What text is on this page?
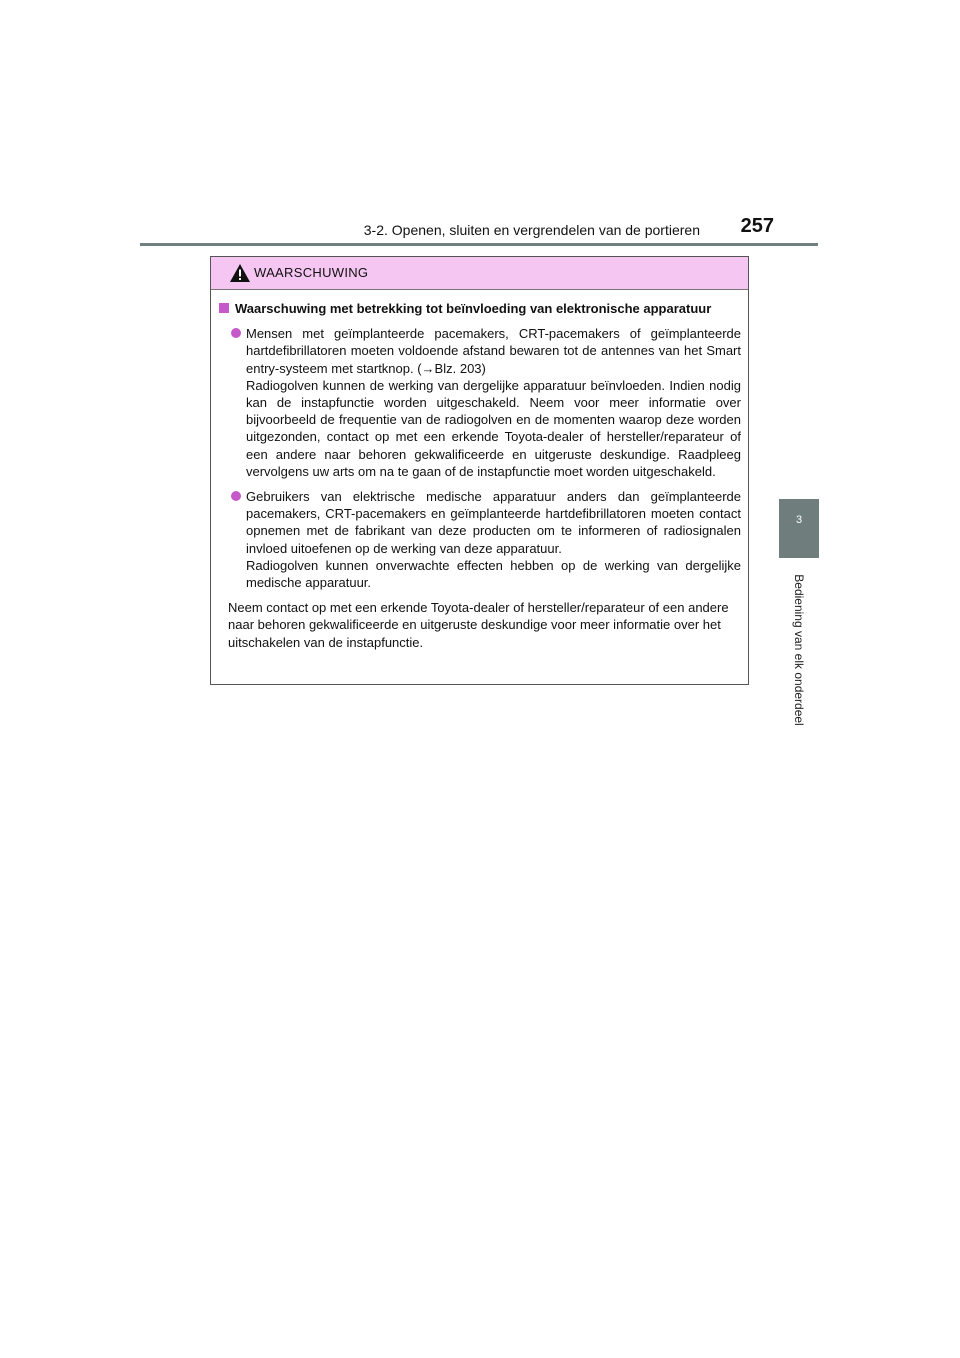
3-2. Openen, sluiten en vergrendelen van de portieren	257
3
Bediening van elk onderdeel
WAARSCHUWING
Waarschuwing met betrekking tot beïnvloeding van elektronische apparatuur

Mensen met geïmplanteerde pacemakers, CRT-pacemakers of geïmplanteerde hartdefibrillatoren moeten voldoende afstand bewaren tot de antennes van het Smart entry-systeem met startknop. (→Blz. 203)

Radiogolven kunnen de werking van dergelijke apparatuur beïnvloeden. Indien nodig kan de instapfunctie worden uitgeschakeld. Neem voor meer informatie over bijvoorbeeld de frequentie van de radiogolven en de momenten waarop deze worden uitgezonden, contact op met een erkende Toyota-dealer of hersteller/reparateur of een andere naar behoren gekwalificeerde en uitgeruste deskundige. Raadpleeg vervolgens uw arts om na te gaan of de instapfunctie moet worden uitgeschakeld.

Gebruikers van elektrische medische apparatuur anders dan geïmplanteerde pacemakers, CRT-pacemakers en geïmplanteerde hartdefibrillatoren moeten contact opnemen met de fabrikant van deze producten om te informeren of radiosignalen invloed uitoefenen op de werking van deze apparatuur.

Radiogolven kunnen onverwachte effecten hebben op de werking van dergelijke medische apparatuur.

Neem contact op met een erkende Toyota-dealer of hersteller/reparateur of een andere naar behoren gekwalificeerde en uitgeruste deskundige voor meer informatie over het uitschakelen van de instapfunctie.
